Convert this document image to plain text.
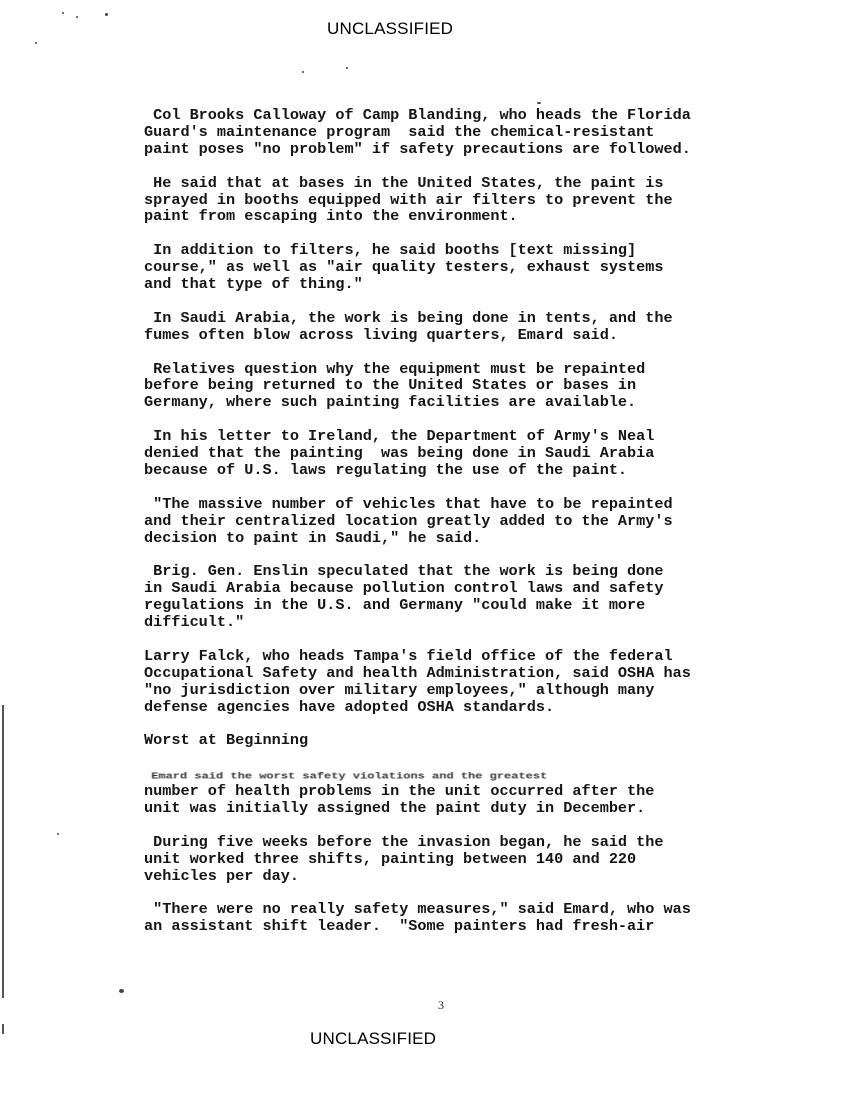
UNCLASSIFIED
Col Brooks Calloway of Camp Blanding, who heads the Florida
Guard's maintenance program  said the chemical-resistant
paint poses "no problem" if safety precautions are followed.
He said that at bases in the United States, the paint is
sprayed in booths equipped with air filters to prevent the
paint from escaping into the environment.
In addition to filters, he said booths [text missing]
course," as well as "air quality testers, exhaust systems
and that type of thing."
In Saudi Arabia, the work is being done in tents, and the
fumes often blow across living quarters, Emard said.
Relatives question why the equipment must be repainted
before being returned to the United States or bases in
Germany, where such painting facilities are available.
In his letter to Ireland, the Department of Army's Neal
denied that the painting  was being done in Saudi Arabia
because of U.S. laws regulating the use of the paint.
"The massive number of vehicles that have to be repainted
and their centralized location greatly added to the Army's
decision to paint in Saudi," he said.
Brig. Gen. Enslin speculated that the work is being done
in Saudi Arabia because pollution control laws and safety
regulations in the U.S. and Germany "could make it more
difficult."
Larry Falck, who heads Tampa's field office of the federal
Occupational Safety and health Administration, said OSHA has
"no jurisdiction over military employees," although many
defense agencies have adopted OSHA standards.
Worst at Beginning
Emard said the worst safety violations and the greatest
number of health problems in the unit occurred after the
unit was initially assigned the paint duty in December.
During five weeks before the invasion began, he said the
unit worked three shifts, painting between 140 and 220
vehicles per day.
"There were no really safety measures," said Emard, who was
an assistant shift leader.  "Some painters had fresh-air
3
UNCLASSIFIED
